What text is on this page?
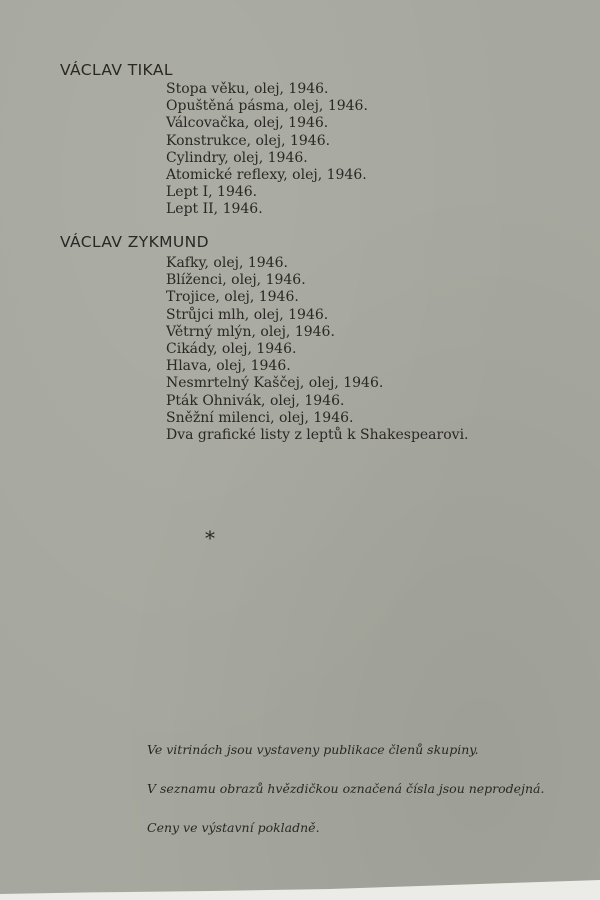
VÁCLAV TIKAL
Stopa věku, olej, 1946.
Opuštěná pásma, olej, 1946.
Válcovačka, olej, 1946.
Konstrukce, olej, 1946.
Cylindry, olej, 1946.
Atomické reflexy, olej, 1946.
Lept I, 1946.
Lept II, 1946.
VÁCLAV ZYKMUND
Kafky, olej, 1946.
Blíženci, olej, 1946.
Trojice, olej, 1946.
Strůjci mlh, olej, 1946.
Větrný mlýn, olej, 1946.
Cikády, olej, 1946.
Hlava, olej, 1946.
Nesmrtelný Kaščej, olej, 1946.
Pták Ohnivák, olej, 1946.
Sněžní milenci, olej, 1946.
Dva grafické listy z leptů k Shakespearovi.

*

Ve vitrinách jsou vystaveny publikace členů skupiny.

V seznamu obrazů hvězdičkou označená čísla jsou neprodejná.

Ceny ve výstavní pokladně.
